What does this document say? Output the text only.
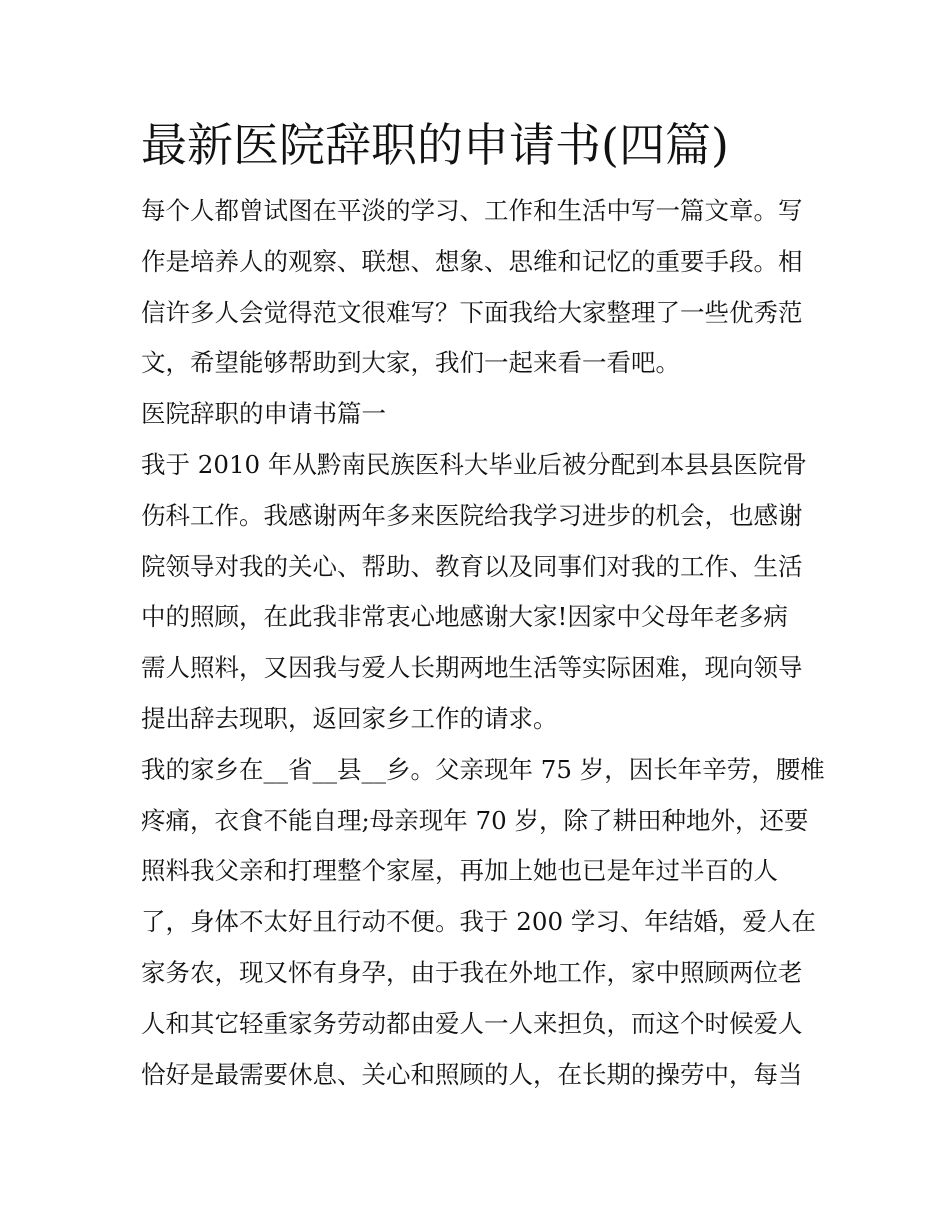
最新医院辞职的申请书(四篇)

每个人都曾试图在平淡的学习、工作和生活中写一篇文章。写

作是培养人的观察、联想、想象、思维和记忆的重要手段。相

信许多人会觉得范文很难写？下面我给大家整理了一些优秀范

文，希望能够帮助到大家，我们一起来看一看吧。

医院辞职的申请书篇一

我于 2010 年从黔南民族医科大毕业后被分配到本县县医院骨

伤科工作。我感谢两年多来医院给我学习进步的机会，也感谢

院领导对我的关心、帮助、教育以及同事们对我的工作、生活

中的照顾，在此我非常衷心地感谢大家!因家中父母年老多病

需人照料，又因我与爱人长期两地生活等实际困难，现向领导

提出辞去现职，返回家乡工作的请求。

我的家乡在__省__县__乡。父亲现年 75 岁，因长年辛劳，腰椎

疼痛，衣食不能自理;母亲现年 70 岁，除了耕田种地外，还要

照料我父亲和打理整个家屋，再加上她也已是年过半百的人

了，身体不太好且行动不便。我于 200 学习、年结婚，爱人在

家务农，现又怀有身孕，由于我在外地工作，家中照顾两位老

人和其它轻重家务劳动都由爱人一人来担负，而这个时候爱人

恰好是最需要休息、关心和照顾的人，在长期的操劳中，每当
